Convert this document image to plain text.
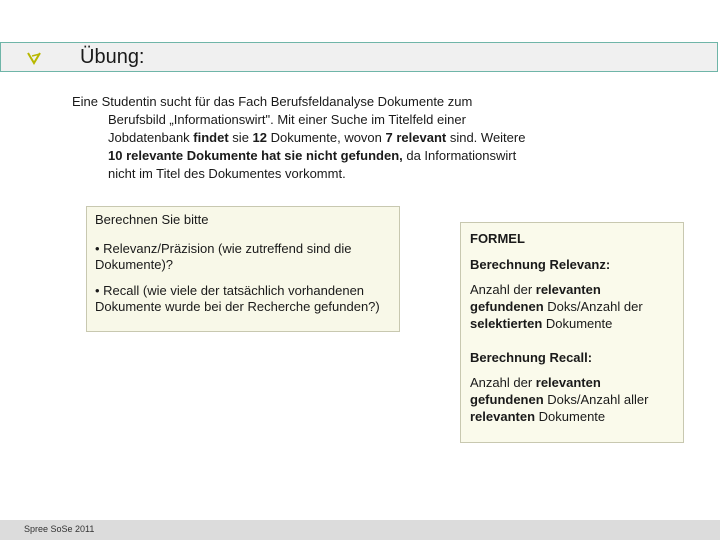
Übung:
Eine Studentin sucht für das Fach Berufsfeldanalyse Dokumente zum
Berufsbild „Informationswirt". Mit einer Suche im Titelfeld einer
Jobdatenbank findet sie 12 Dokumente, wovon 7 relevant sind. Weitere
10 relevante Dokumente hat sie nicht gefunden, da Informationswirt
nicht im Titel des Dokumentes vorkommt.

Berechnen Sie bitte

• Relevanz/Präzision (wie zutreffend sind die Dokumente)?

• Recall (wie viele der tatsächlich vorhandenen Dokumente wurde bei der Recherche gefunden?)

FORMEL

Berechnung Relevanz:

Anzahl der relevanten gefundenen Doks/Anzahl der selektierten Dokumente

Berechnung Recall:

Anzahl der relevanten gefundenen Doks/Anzahl aller relevanten Dokumente

Spree SoSe 2011
